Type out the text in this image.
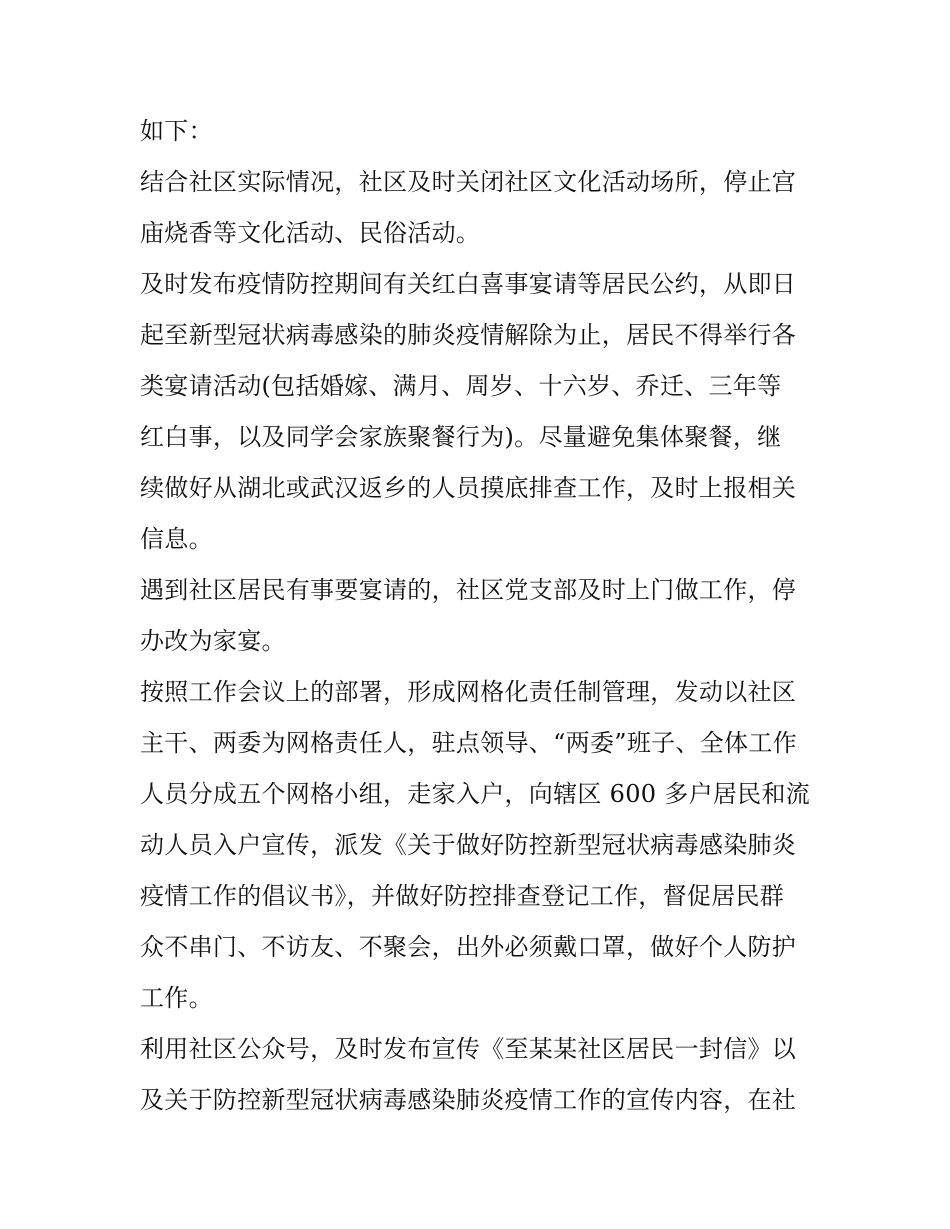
如下：
结合社区实际情况，社区及时关闭社区文化活动场所，停止宫
庙烧香等文化活动、民俗活动。
及时发布疫情防控期间有关红白喜事宴请等居民公约，从即日
起至新型冠状病毒感染的肺炎疫情解除为止，居民不得举行各
类宴请活动(包括婚嫁、满月、周岁、十六岁、乔迁、三年等
红白事，以及同学会家族聚餐行为)。尽量避免集体聚餐，继
续做好从湖北或武汉返乡的人员摸底排查工作，及时上报相关
信息。
遇到社区居民有事要宴请的，社区党支部及时上门做工作，停
办改为家宴。
按照工作会议上的部署，形成网格化责任制管理，发动以社区
主干、两委为网格责任人，驻点领导、“两委”班子、全体工作
人员分成五个网格小组，走家入户，向辖区 600 多户居民和流
动人员入户宣传，派发《关于做好防控新型冠状病毒感染肺炎
疫情工作的倡议书》，并做好防控排查登记工作，督促居民群
众不串门、不访友、不聚会，出外必须戴口罩，做好个人防护
工作。
利用社区公众号，及时发布宣传《至某某社区居民一封信》以
及关于防控新型冠状病毒感染肺炎疫情工作的宣传内容，在社
